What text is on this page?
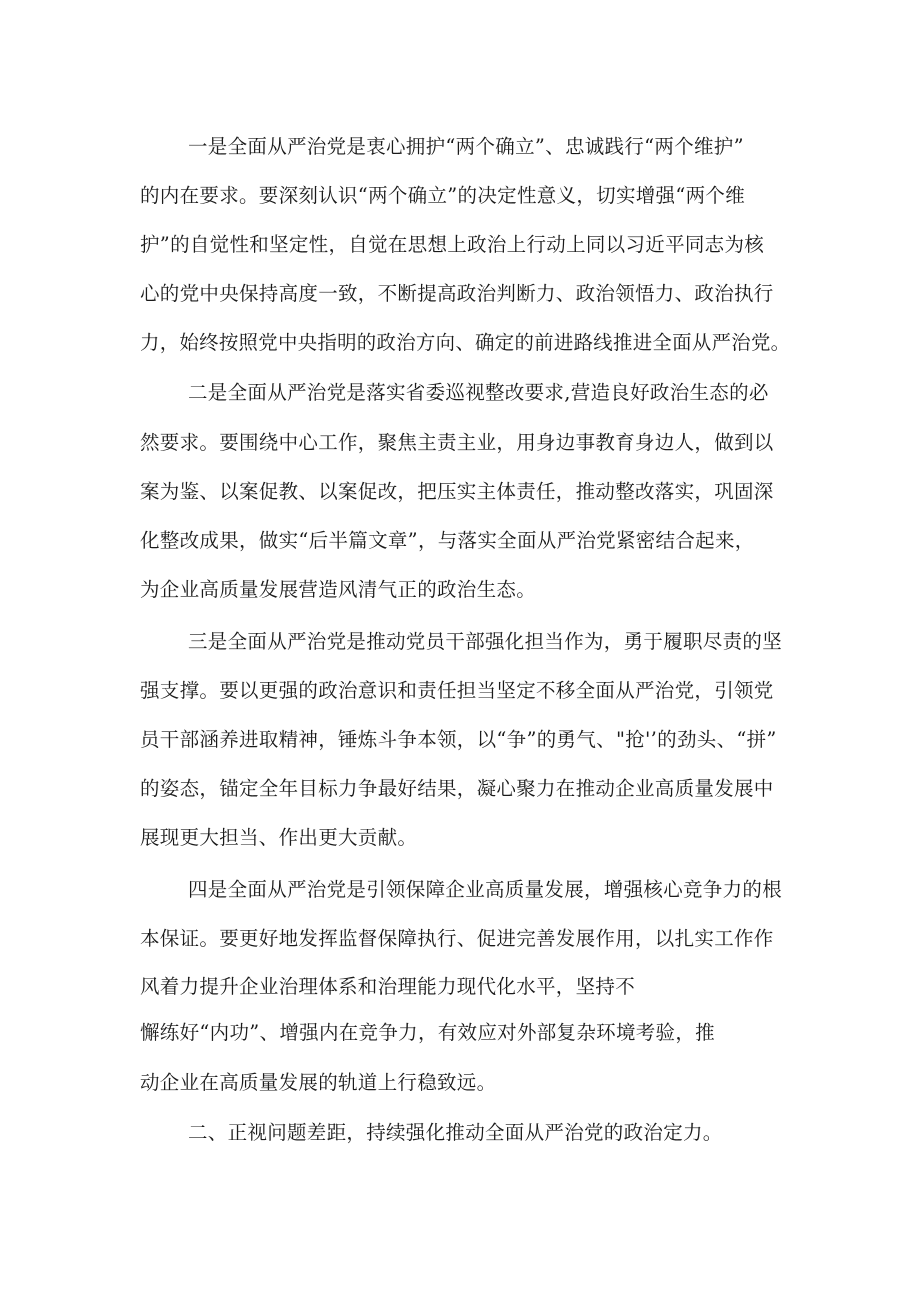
一是全面从严治党是衷心拥护“两个确立”、忠诚践行“两个维护”

的内在要求。要深刻认识“两个确立”的决定性意义，切实增强“两个维

护”的自觉性和坚定性，自觉在思想上政治上行动上同以习近平同志为核

心的党中央保持高度一致，不断提高政治判断力、政治领悟力、政治执行

力，始终按照党中央指明的政治方向、确定的前进路线推进全面从严治党。

二是全面从严治党是落实省委巡视整改要求,营造良好政治生态的必

然要求。要围绕中心工作，聚焦主责主业，用身边事教育身边人，做到以

案为鉴、以案促教、以案促改，把压实主体责任，推动整改落实，巩固深

化整改成果，做实“后半篇文章”，与落实全面从严治党紧密结合起来，

为企业高质量发展营造风清气正的政治生态。

三是全面从严治党是推动党员干部强化担当作为，勇于履职尽责的坚

强支撑。要以更强的政治意识和责任担当坚定不移全面从严治党，引领党

员干部涵养进取精神，锤炼斗争本领，以“争”的勇气、"抢'’的劲头、“拼”

的姿态，锚定全年目标力争最好结果，凝心聚力在推动企业高质量发展中

展现更大担当、作出更大贡献。

四是全面从严治党是引领保障企业高质量发展，增强核心竞争力的根

本保证。要更好地发挥监督保障执行、促进完善发展作用，以扎实工作作

风着力提升企业治理体系和治理能力现代化水平，坚持不

懈练好“内功”、增强内在竞争力，有效应对外部复杂环境考验，推

动企业在高质量发展的轨道上行稳致远。

二、正视问题差距，持续强化推动全面从严治党的政治定力。
